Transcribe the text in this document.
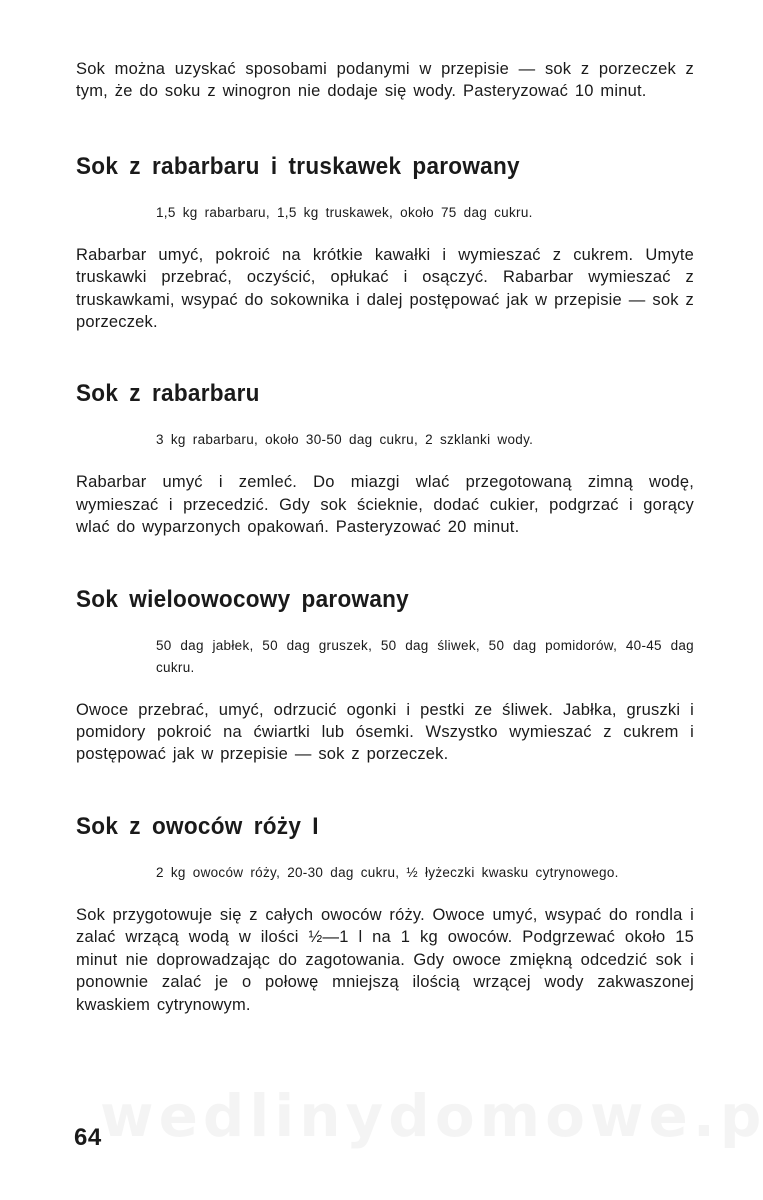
Sok można uzyskać sposobami podanymi w przepisie — sok z porzeczek z tym, że do soku z winogron nie dodaje się wody. Pasteryzować 10 minut.

Sok z rabarbaru i truskawek parowany

1,5 kg rabarbaru, 1,5 kg truskawek, około 75 dag cukru.

Rabarbar umyć, pokroić na krótkie kawałki i wymieszać z cukrem. Umyte truskawki przebrać, oczyścić, opłukać i osączyć. Rabarbar wymieszać z truskawkami, wsypać do sokownika i dalej postępować jak w przepisie — sok z porzeczek.

Sok z rabarbaru

3 kg rabarbaru, około 30-50 dag cukru, 2 szklanki wody.

Rabarbar umyć i zemleć. Do miazgi wlać przegotowaną zimną wodę, wymieszać i przecedzić. Gdy sok ścieknie, dodać cukier, podgrzać i gorący wlać do wyparzonych opakowań. Pasteryzować 20 minut.

Sok wieloowocowy parowany

50 dag jabłek, 50 dag gruszek, 50 dag śliwek, 50 dag pomidorów, 40-45 dag cukru.

Owoce przebrać, umyć, odrzucić ogonki i pestki ze śliwek. Jabłka, gruszki i pomidory pokroić na ćwiartki lub ósemki. Wszystko wymieszać z cukrem i postępować jak w przepisie — sok z porzeczek.

Sok z owoców róży I

2 kg owoców róży, 20-30 dag cukru, ½ łyżeczki kwasku cytrynowego.

Sok przygotowuje się z całych owoców róży. Owoce umyć, wsypać do rondla i zalać wrzącą wodą w ilości ½—1 l na 1 kg owoców. Podgrzewać około 15 minut nie doprowadzając do zagotowania. Gdy owoce zmiękną odcedzić sok i ponownie zalać je o połowę mniejszą ilością wrzącej wody zakwaszonej kwaskiem cytrynowym.

64
